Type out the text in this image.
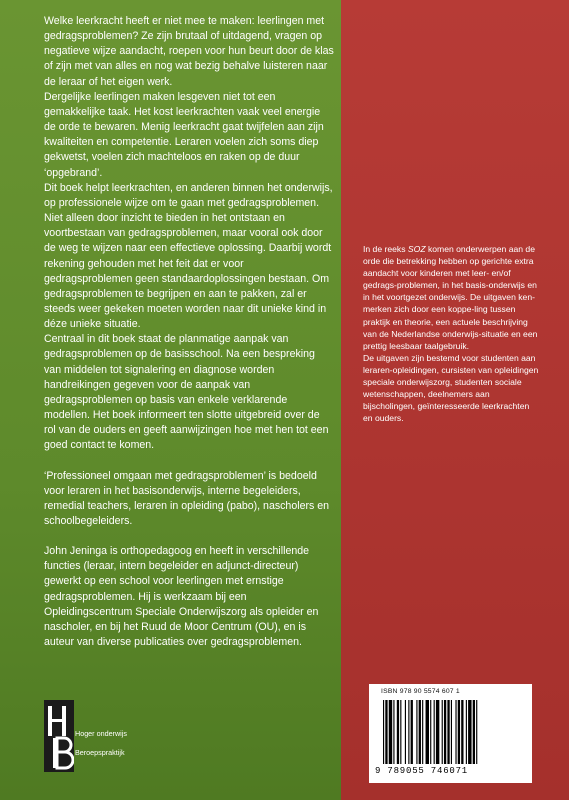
Welke leerkracht heeft er niet mee te maken: leerlingen met gedragsproblemen? Ze zijn brutaal of uitdagend, vragen op negatieve wijze aandacht, roepen voor hun beurt door de klas of zijn met van alles en nog wat bezig behalve luisteren naar de leraar of het eigen werk.

Dergelijke leerlingen maken lesgeven niet tot een gemakkelijke taak. Het kost leerkrachten vaak veel energie de orde te bewaren. Menig leerkracht gaat twijfelen aan zijn kwaliteiten en competentie. Leraren voelen zich soms diep gekwetst, voelen zich machteloos en raken op de duur ‘opgebrand’.

Dit boek helpt leerkrachten, en anderen binnen het onderwijs, op professionele wijze om te gaan met gedragsproblemen. Niet alleen door inzicht te bieden in het ontstaan en voortbestaan van gedragsproblemen, maar vooral ook door de weg te wijzen naar een effectieve oplossing. Daarbij wordt rekening gehouden met het feit dat er voor gedragsproblemen geen standaardoplossingen bestaan. Om gedragsproblemen te begrijpen en aan te pakken, zal er steeds weer gekeken moeten worden naar dit unieke kind in déze unieke situatie.

Centraal in dit boek staat de planmatige aanpak van gedragsproblemen op de basisschool. Na een bespreking van middelen tot signalering en diagnose worden handreikingen gegeven voor de aanpak van gedragsproblemen op basis van enkele verklarende modellen. Het boek informeert ten slotte uitgebreid over de rol van de ouders en geeft aanwijzingen hoe met hen tot een goed contact te komen.

‘Professioneel omgaan met gedragsproblemen’ is bedoeld voor leraren in het basisonderwijs, interne begeleiders, remedial teachers, leraren in opleiding (pabo), nascholers en schoolbegeleiders.

John Jeninga is orthopedagoog en heeft in verschillende functies (leraar, intern begeleider en adjunct-directeur) gewerkt op een school voor leerlingen met ernstige gedragsproblemen. Hij is werkzaam bij een Opleidingscentrum Speciale Onderwijszorg als opleider en nascholer, en bij het Ruud de Moor Centrum (OU), en is auteur van diverse publicaties over gedragsproblemen.

In de reeks SOZ komen onderwerpen aan de orde die betrekking hebben op gerichte extra aandacht voor kinderen met leer- en/of gedrags-problemen, in het basis-onderwijs en in het voortgezet onderwijs. De uitgaven ken-merken zich door een koppe-ling tussen praktijk en theorie, een actuele beschrijving van de Nederlandse onderwijs-situatie en een prettig leesbaar taalgebruik.

De uitgaven zijn bestemd voor studenten aan leraren-opleidingen, cursisten van opleidingen speciale onderwijszorg, studenten sociale wetenschappen, deelnemers aan bijscholingen, geïnteresseerde leerkrachten en ouders.

ISBN 978 90 5574 607 1
9 789055 746071
Hoger onderwijs
Beroepspraktijk
